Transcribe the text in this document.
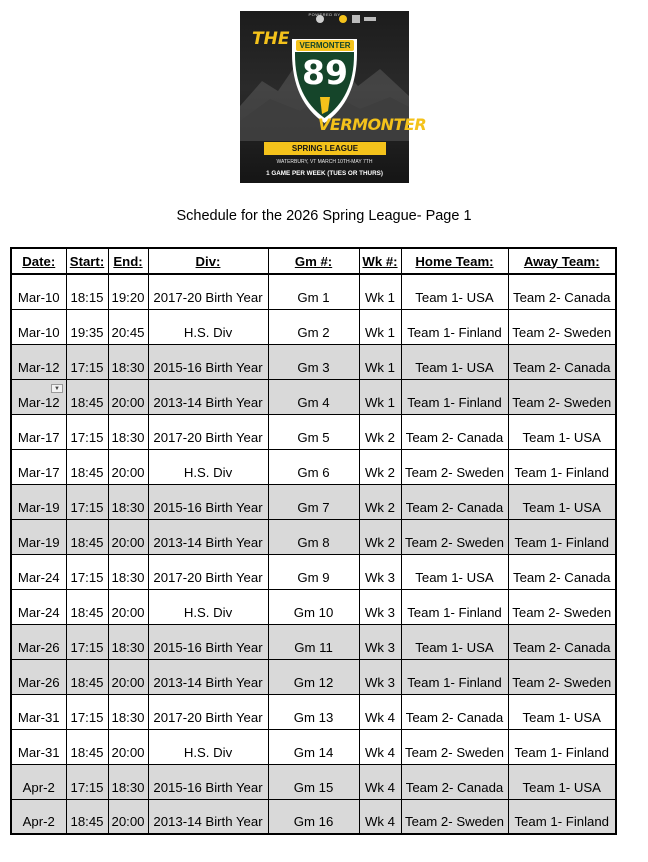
POWERED BY
THE	VERMONTER
89
VERMONTER
SPRING LEAGUE
WATERBURY, VT MARCH 10TH-MAY 7TH
1 GAME PER WEEK (TUES OR THURS)
Schedule for the 2026 Spring League- Page 1
Date:	Start:	End:	Div:	Gm #:	Wk #:	Home Team:	Away Team:
Mar-10	18:15	19:20	2017-20 Birth Year	Gm 1	Wk 1	Team 1- USA	Team 2- Canada
Mar-10	19:35	20:45	H.S. Div	Gm 2	Wk 1	Team 1- Finland	Team 2- Sweden
Mar-12	17:15	18:30	2015-16 Birth Year	Gm 3	Wk 1	Team 1- USA	Team 2- Canada
Mar-12	18:45	20:00	2013-14 Birth Year	Gm 4	Wk 1	Team 1- Finland	Team 2- Sweden
Mar-17	17:15	18:30	2017-20 Birth Year	Gm 5	Wk 2	Team 2- Canada	Team 1- USA
Mar-17	18:45	20:00	H.S. Div	Gm 6	Wk 2	Team 2- Sweden	Team 1- Finland
Mar-19	17:15	18:30	2015-16 Birth Year	Gm 7	Wk 2	Team 2- Canada	Team 1- USA
Mar-19	18:45	20:00	2013-14 Birth Year	Gm 8	Wk 2	Team 2- Sweden	Team 1- Finland
Mar-24	17:15	18:30	2017-20 Birth Year	Gm 9	Wk 3	Team 1- USA	Team 2- Canada
Mar-24	18:45	20:00	H.S. Div	Gm 10	Wk 3	Team 1- Finland	Team 2- Sweden
Mar-26	17:15	18:30	2015-16 Birth Year	Gm 11	Wk 3	Team 1- USA	Team 2- Canada
Mar-26	18:45	20:00	2013-14 Birth Year	Gm 12	Wk 3	Team 1- Finland	Team 2- Sweden
Mar-31	17:15	18:30	2017-20 Birth Year	Gm 13	Wk 4	Team 2- Canada	Team 1- USA
Mar-31	18:45	20:00	H.S. Div	Gm 14	Wk 4	Team 2- Sweden	Team 1- Finland
Apr-2	17:15	18:30	2015-16 Birth Year	Gm 15	Wk 4	Team 2- Canada	Team 1- USA
Apr-2	18:45	20:00	2013-14 Birth Year	Gm 16	Wk 4	Team 2- Sweden	Team 1- Finland
▼
